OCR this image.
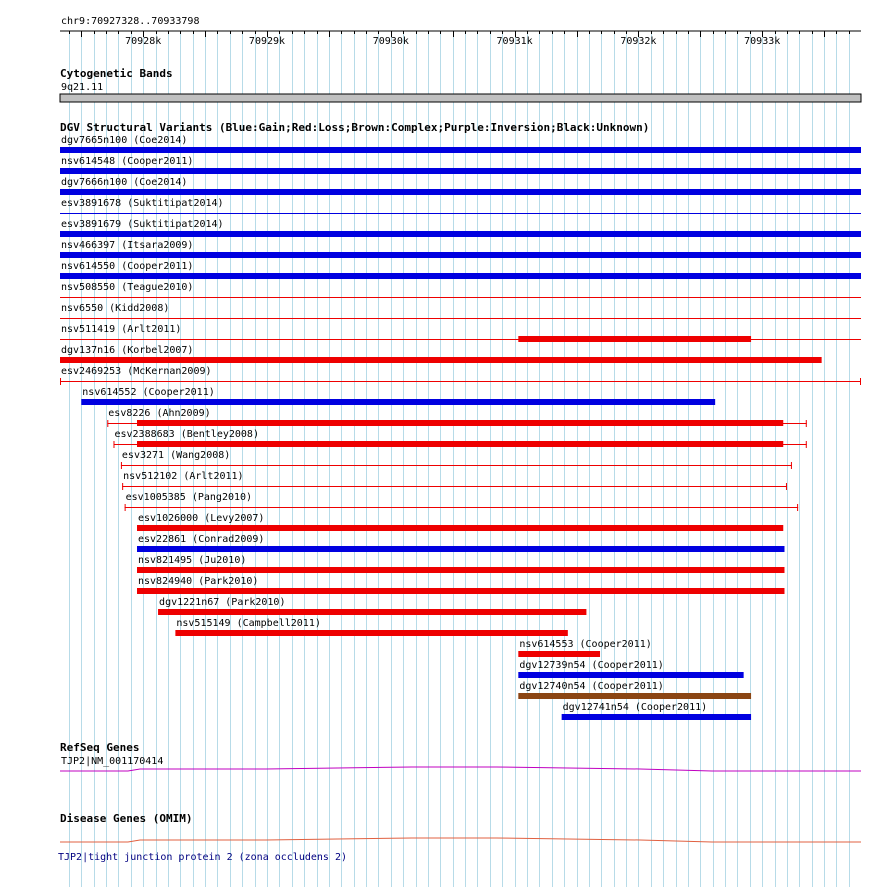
chr9:70927328..70933798
70928k	70929k	70930k	70931k	70932k	70933k
Cytogenetic Bands
9q21.11
DGV Structural Variants (Blue:Gain;Red:Loss;Brown:Complex;Purple:Inversion;Black:Unknown)
dgv7665n100 (Coe2014)
nsv614548 (Cooper2011)
dgv7666n100 (Coe2014)
esv3891678 (Suktitipat2014)
esv3891679 (Suktitipat2014)
nsv466397 (Itsara2009)
nsv614550 (Cooper2011)
nsv508550 (Teague2010)
nsv6550 (Kidd2008)
nsv511419 (Arlt2011)
dgv137n16 (Korbel2007)
esv2469253 (McKernan2009)
nsv614552 (Cooper2011)
esv8226 (Ahn2009)
esv2388683 (Bentley2008)
esv3271 (Wang2008)
nsv512102 (Arlt2011)
esv1005385 (Pang2010)
esv1026000 (Levy2007)
esv22861 (Conrad2009)
nsv821495 (Ju2010)
nsv824940 (Park2010)
dgv1221n67 (Park2010)
nsv515149 (Campbell2011)
nsv614553 (Cooper2011)
dgv12739n54 (Cooper2011)
dgv12740n54 (Cooper2011)
dgv12741n54 (Cooper2011)
RefSeq Genes
TJP2|NM_001170414
Disease Genes (OMIM)
TJP2|tight junction protein 2 (zona occludens 2)
